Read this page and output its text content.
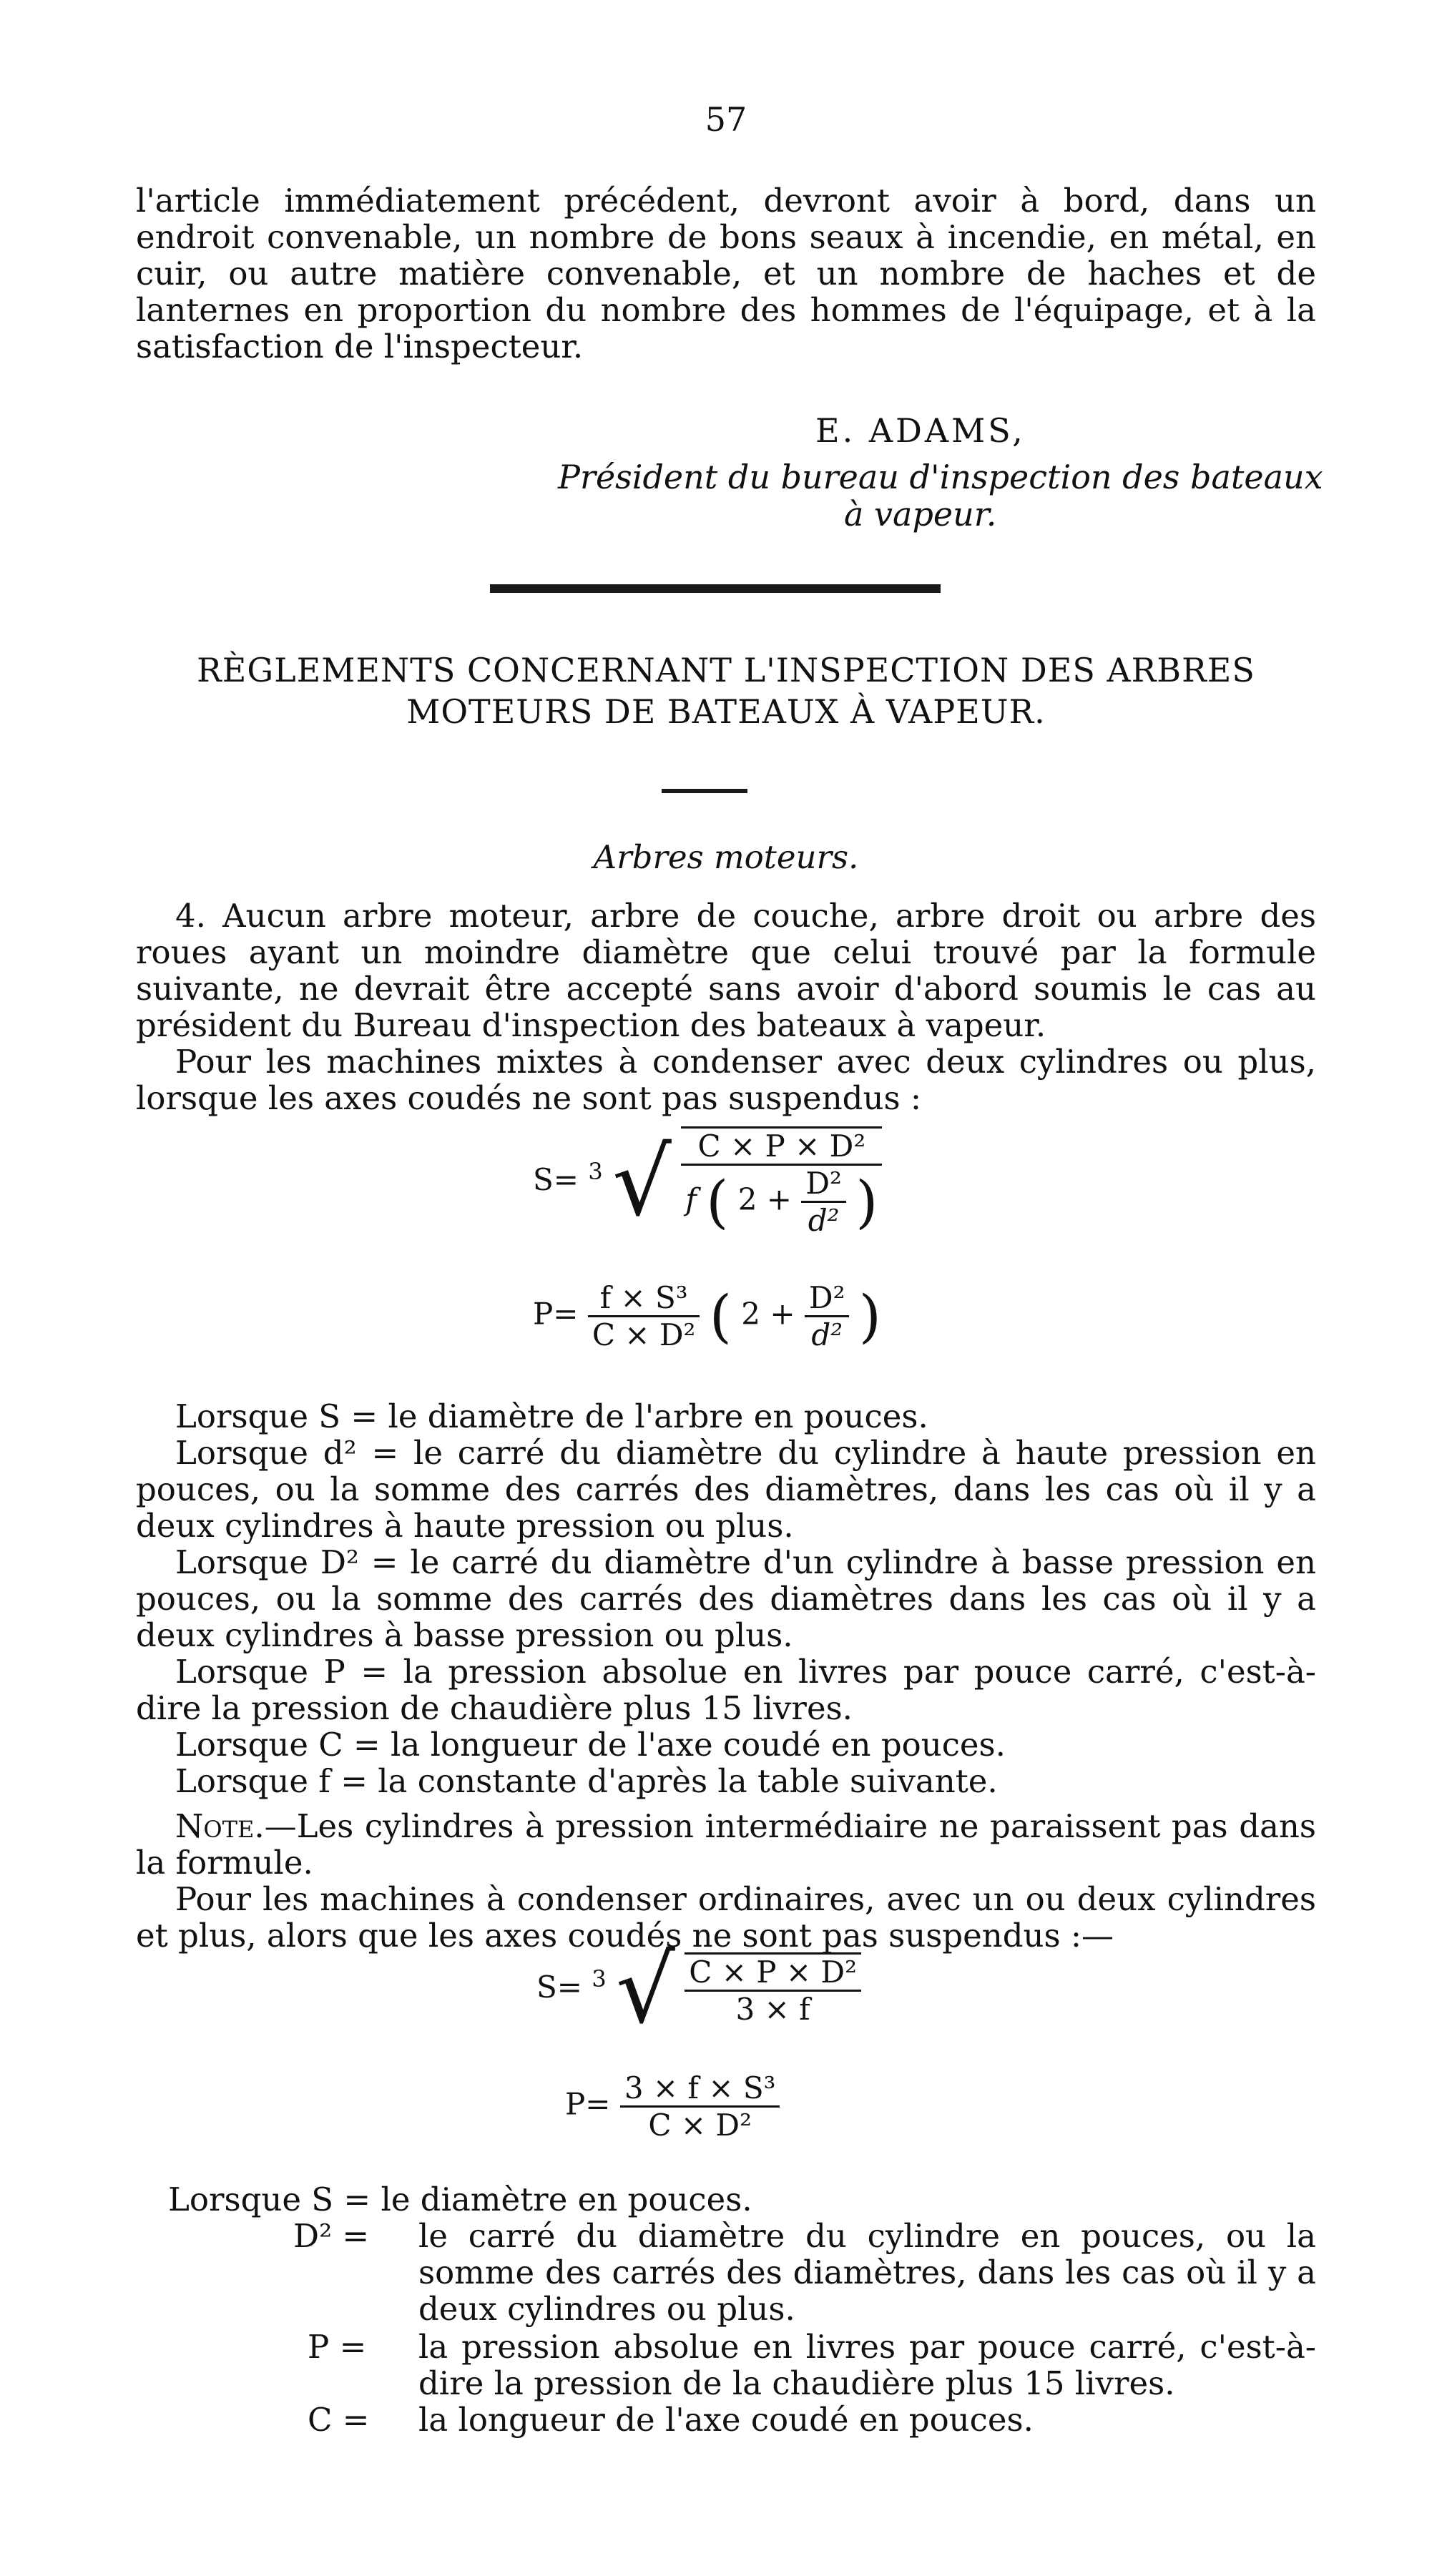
57

l'article immédiatement précédent, devront avoir à bord, dans un endroit convenable, un nombre de bons seaux à incendie, en métal, en cuir, ou autre matière convenable, et un nombre de haches et de lanternes en proportion du nombre des hommes de l'équipage, et à la satisfaction de l'inspecteur.

E. ADAMS,
Président du bureau d'inspection des bateaux
à vapeur.
RÈGLEMENTS CONCERNANT L'INSPECTION DES ARBRES
MOTEURS DE BATEAUX À VAPEUR.
Arbres moteurs.

4. Aucun arbre moteur, arbre de couche, arbre droit ou arbre des roues ayant un moindre diamètre que celui trouvé par la formule suivante, ne devrait être accepté sans avoir d'abord soumis le cas au président du Bureau d'inspection des bateaux à vapeur.

Pour les machines mixtes à condenser avec deux cylindres ou plus, lorsque les axes coudés ne sont pas suspendus :

S= $^3$ √ C × P × D²
f ( $2 + \frac{\text{D²}}{\text{d²}}$ )
$P= \frac{\text{f × S³}}{\text{C × D²}}$ ( $2 + \frac{\text{D²}}{\text{d²}}$ )

Lorsque S = le diamètre de l'arbre en pouces.

Lorsque d² = le carré du diamètre du cylindre à haute pression en pouces, ou la somme des carrés des diamètres, dans les cas où il y a deux cylindres à haute pression ou plus.

Lorsque D² = le carré du diamètre d'un cylindre à basse pression en pouces, ou la somme des carrés des diamètres dans les cas où il y a deux cylindres à basse pression ou plus.

Lorsque P = la pression absolue en livres par pouce carré, c'est-à-dire la pression de chaudière plus 15 livres.

Lorsque C = la longueur de l'axe coudé en pouces.

Lorsque f = la constante d'après la table suivante.

Note.—Les cylindres à pression intermédiaire ne paraissent pas dans la formule.

Pour les machines à condenser ordinaires, avec un ou deux cylindres et plus, alors que les axes coudés ne sont pas suspendus :—

S= $^3$ √ $\frac{\text{C × P × D²}}{3 \times f}$
$P= \frac{\text{3 × f × S³}}{\text{C × D²}}$
Lorsque S = le diamètre en pouces.
D² = le carré du diamètre du cylindre en pouces, ou la somme des carrés des diamètres, dans les cas où il y a deux cylindres ou plus.
P = la pression absolue en livres par pouce carré, c'est-à-dire la pression de la chaudière plus 15 livres.
C = la longueur de l'axe coudé en pouces.
